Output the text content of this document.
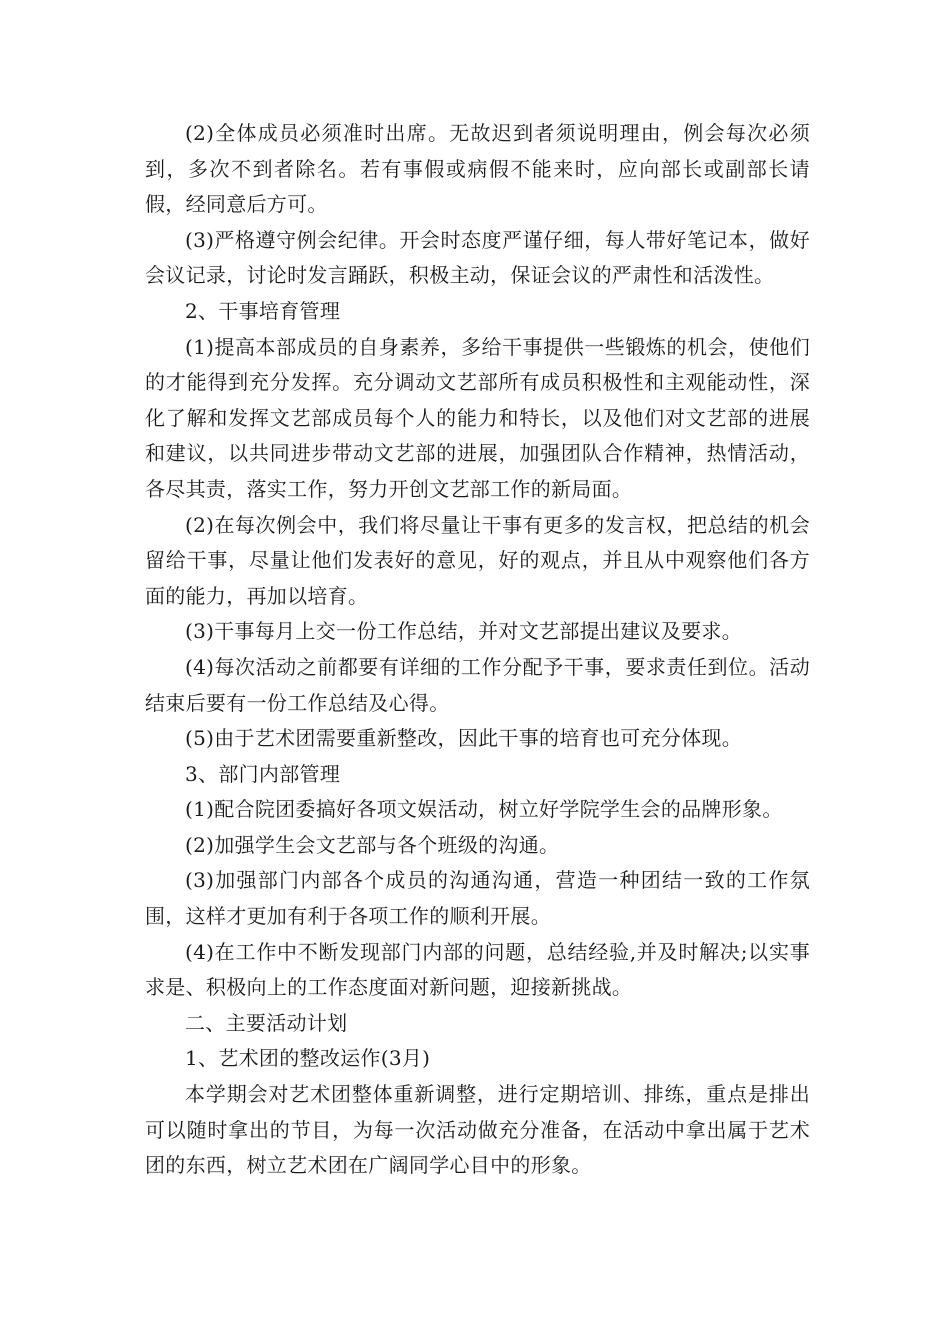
(2)全体成员必须准时出席。无故迟到者须说明理由，例会每次必须到，多次不到者除名。若有事假或病假不能来时，应向部长或副部长请假，经同意后方可。

(3)严格遵守例会纪律。开会时态度严谨仔细，每人带好笔记本，做好会议记录，讨论时发言踊跃，积极主动，保证会议的严肃性和活泼性。

2、干事培育管理

(1)提高本部成员的自身素养，多给干事提供一些锻炼的机会，使他们的才能得到充分发挥。充分调动文艺部所有成员积极性和主观能动性，深化了解和发挥文艺部成员每个人的能力和特长，以及他们对文艺部的进展和建议，以共同进步带动文艺部的进展，加强团队合作精神，热情活动，各尽其责，落实工作，努力开创文艺部工作的新局面。

(2)在每次例会中，我们将尽量让干事有更多的发言权，把总结的机会留给干事，尽量让他们发表好的意见，好的观点，并且从中观察他们各方面的能力，再加以培育。

(3)干事每月上交一份工作总结，并对文艺部提出建议及要求。

(4)每次活动之前都要有详细的工作分配予干事，要求责任到位。活动结束后要有一份工作总结及心得。

(5)由于艺术团需要重新整改，因此干事的培育也可充分体现。

3、部门内部管理

(1)配合院团委搞好各项文娱活动，树立好学院学生会的品牌形象。

(2)加强学生会文艺部与各个班级的沟通。

(3)加强部门内部各个成员的沟通沟通，营造一种团结一致的工作氛围，这样才更加有利于各项工作的顺利开展。

(4)在工作中不断发现部门内部的问题，总结经验,并及时解决;以实事求是、积极向上的工作态度面对新问题，迎接新挑战。

二、主要活动计划

1、艺术团的整改运作(3月)

本学期会对艺术团整体重新调整，进行定期培训、排练，重点是排出可以随时拿出的节目，为每一次活动做充分准备，在活动中拿出属于艺术团的东西，树立艺术团在广阔同学心目中的形象。
